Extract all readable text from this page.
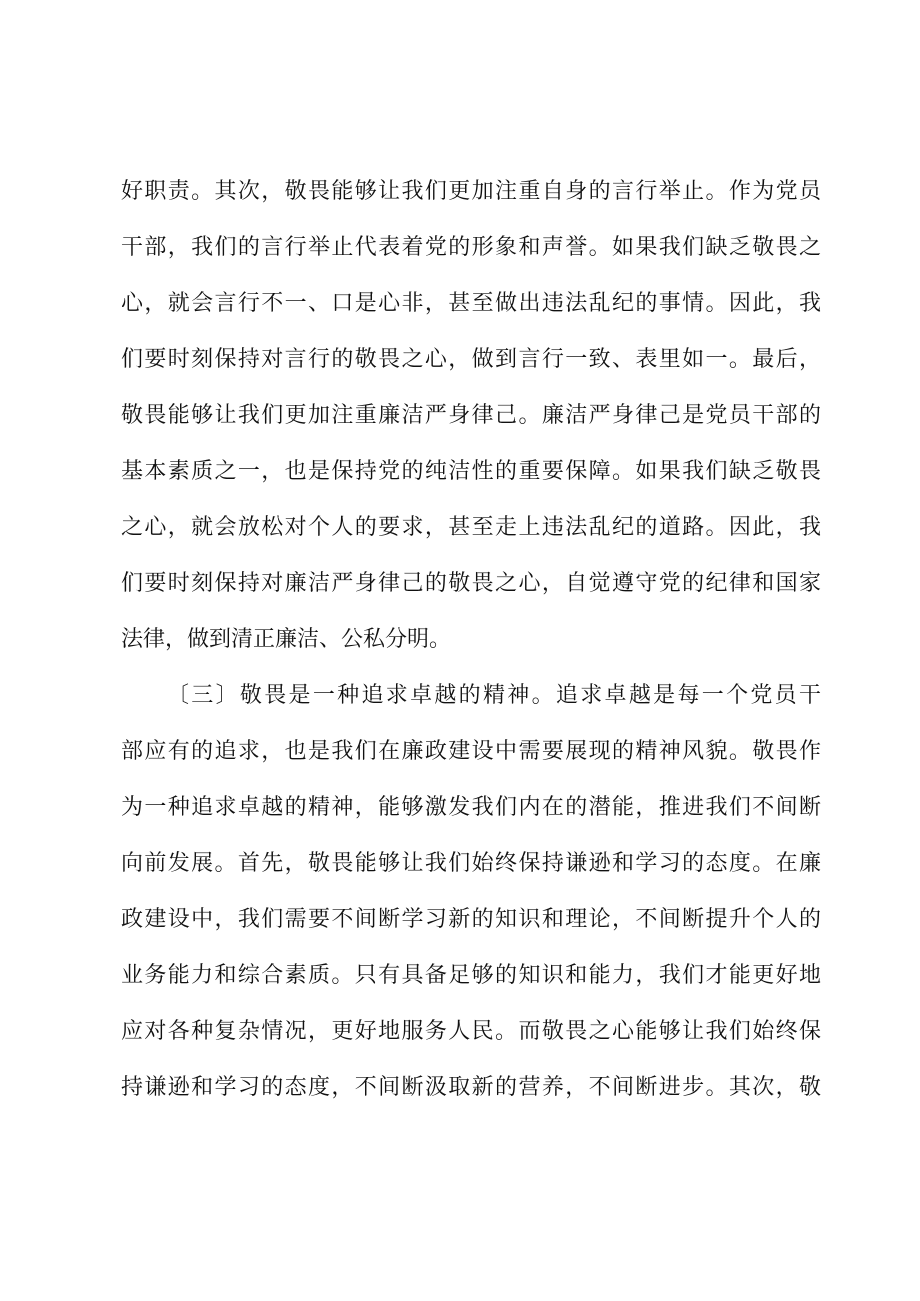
好职责。其次，敬畏能够让我们更加注重自身的言行举止。作为党员
干部，我们的言行举止代表着党的形象和声誉。如果我们缺乏敬畏之
心，就会言行不一、口是心非，甚至做出违法乱纪的事情。因此，我
们要时刻保持对言行的敬畏之心，做到言行一致、表里如一。最后，
敬畏能够让我们更加注重廉洁严身律己。廉洁严身律己是党员干部的
基本素质之一，也是保持党的纯洁性的重要保障。如果我们缺乏敬畏
之心，就会放松对个人的要求，甚至走上违法乱纪的道路。因此，我
们要时刻保持对廉洁严身律己的敬畏之心，自觉遵守党的纪律和国家
法律，做到清正廉洁、公私分明。
〔三〕敬畏是一种追求卓越的精神。追求卓越是每一个党员干
部应有的追求，也是我们在廉政建设中需要展现的精神风貌。敬畏作
为一种追求卓越的精神，能够激发我们内在的潜能，推进我们不间断
向前发展。首先，敬畏能够让我们始终保持谦逊和学习的态度。在廉
政建设中，我们需要不间断学习新的知识和理论，不间断提升个人的
业务能力和综合素质。只有具备足够的知识和能力，我们才能更好地
应对各种复杂情况，更好地服务人民。而敬畏之心能够让我们始终保
持谦逊和学习的态度，不间断汲取新的营养，不间断进步。其次，敬
